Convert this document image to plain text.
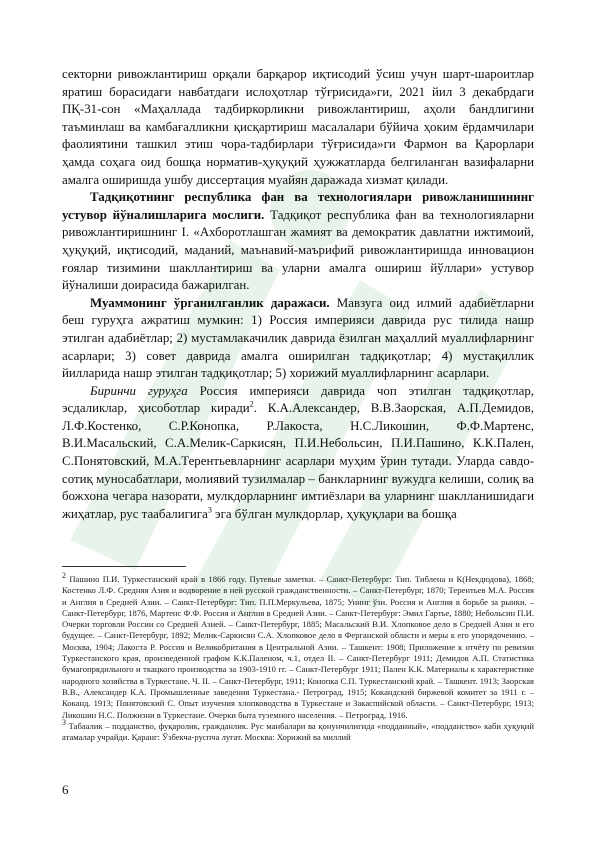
секторни ривожлантириш орқали барқарор иқтисодий ўсиш учун шарт-шароитлар яратиш борасидаги навбатдаги ислоҳотлар тўғрисида»ги, 2021 йил 3 декабрдаги ПҚ-31-сон «Маҳаллада тадбиркорликни ривожлантириш, аҳоли бандлигини таъминлаш ва камбағалликни қисқартириш масалалари бўйича ҳоким ёрдамчилари фаолиятини ташкил этиш чора-тадбирлари тўғрисида»ги Фармон ва Қарорлари ҳамда соҳага оид бошқа норматив-ҳуқуқий ҳужжатларда белгиланган вазифаларни амалга оширишда ушбу диссертация муайян даражада хизмат қилади.

Тадқиқотнинг республика фан ва технологиялари ривожланишининг устувор йўналишларига мослиги. Тадқиқот республика фан ва технологияларни ривожлантиришнинг I. «Ахборотлашган жамият ва демократик давлатни ижтимоий, ҳуқуқий, иқтисодий, маданий, маънавий-маърифий ривожлантиришда инновацион ғоялар тизимини шакллантириш ва уларни амалга ошириш йўллари» устувор йўналиши доирасида бажарилган.

Муаммонинг ўрганилганлик даражаси. Мавзуга оид илмий адабиётларни беш гуруҳга ажратиш мумкин: 1) Россия империяси даврида рус тилида нашр этилган адабиётлар; 2) мустамлакачилик даврида ёзилган маҳаллий муаллифларнинг асарлари; 3) совет даврида амалга оширилган тадқиқотлар; 4) мустақиллик йилларида нашр этилган тадқиқотлар; 5) хорижий муаллифларнинг асарлари.

Биринчи гуруҳга Россия империяси даврида чоп этилган тадқиқотлар, эсдаликлар, ҳисоботлар киради$^2$. К.А.Александер, В.В.Заорская, А.П.Демидов, Л.Ф.Костенко, С.Р.Конопка, Р.Лакоста, Н.С.Ликошин, Ф.Ф.Мартенс, В.И.Масальский, С.А.Мелик-Саркисян, П.И.Небольсин, П.И.Пашино, К.К.Пален, С.Понятовский, М.А.Терентьевларнинг асарлари муҳим ўрин тутади. Уларда савдо-сотиқ муносабатлари, молиявий тузилмалар – банкларнинг вужудга келиши, солиқ ва божхона чегара назорати, мулкдорларнинг имтиёзлари ва уларнинг шаклланишидаги жиҳатлар, рус таабалигига$^3$ эга бўлган мулкдорлар, ҳуқуқлари ва бошқа

$^2$ Пашино П.И. Туркестанский край в 1866 году. Путевые заметки. – Санкт-Петербург: Тип. Тиблена и К(Некдюдова), 1868; Костенко Л.Ф. Средняя Азия и водворение в ней русской гражданственности. – Санкт-Петербург, 1870; Терентьев М.А. Россия и Англия в Средней Азии. – Санкт-Петербург: Тип. П.П.Меркульева, 1875; Унинг ўзи. Россия и Англия в борьбе за рынки. – Санкт-Петербург, 1876, Мартенс Ф.Ф. Россия и Англия в Средней Азии. – Санкт-Петербург: Эмил Гартье, 1880; Небольсин П.И. Очерки торговли России со Средней Азией. – Санкт-Петербург, 1885; Масальский В.И. Хлопковое дело в Средней Азии и его будущее. – Санкт-Петербург, 1892; Мелик-Саркисян С.А. Хлопковое дело в Ферганской области и меры к его упорядочению. – Москва, 1904; Лакоста Р. Россия и Великобритания в Центральной Азии. – Ташкент: 1908; Приложение к отчёту по ревизии Туркестанского края, произведенной графом К.К.Паленом, ч.1, отдел II. – Санкт-Петербург 1911; Демидов А.П. Статистика бумагопрядильного и ткацкого производства за 1903-1910 гг. – Санкт-Петербург 1911; Пален К.К. Материалы к характеристике народного хозяйства в Туркестане. Ч. II. – Санкт-Петербург, 1911; Конопка С.П. Туркестанский край. – Ташкент. 1913; Заорская В.В., Александер К.А. Промышленные заведения Туркестана.- Петроград, 1915; Кокандский биржевой комитет за 1911 г. – Коканд. 1913; Понятовский С. Опыт изучения хлопководства в Туркестане и Закаспийской области. – Санкт-Петербург, 1913; Ликошин Н.С. Полжизни в Туркестане. Очерки быта туземного населения. – Петроград, 1916.

$^3$ Табаалик – подданство, фуқаролик, гражданлик. Рус манбалари ва қонунчилигида «подданный», «подданство» каби ҳуқуқий атамалар учрайди. Қаранг: Ўзбекча-руспча луғат. Москва: Хорижий ва миллий

6
